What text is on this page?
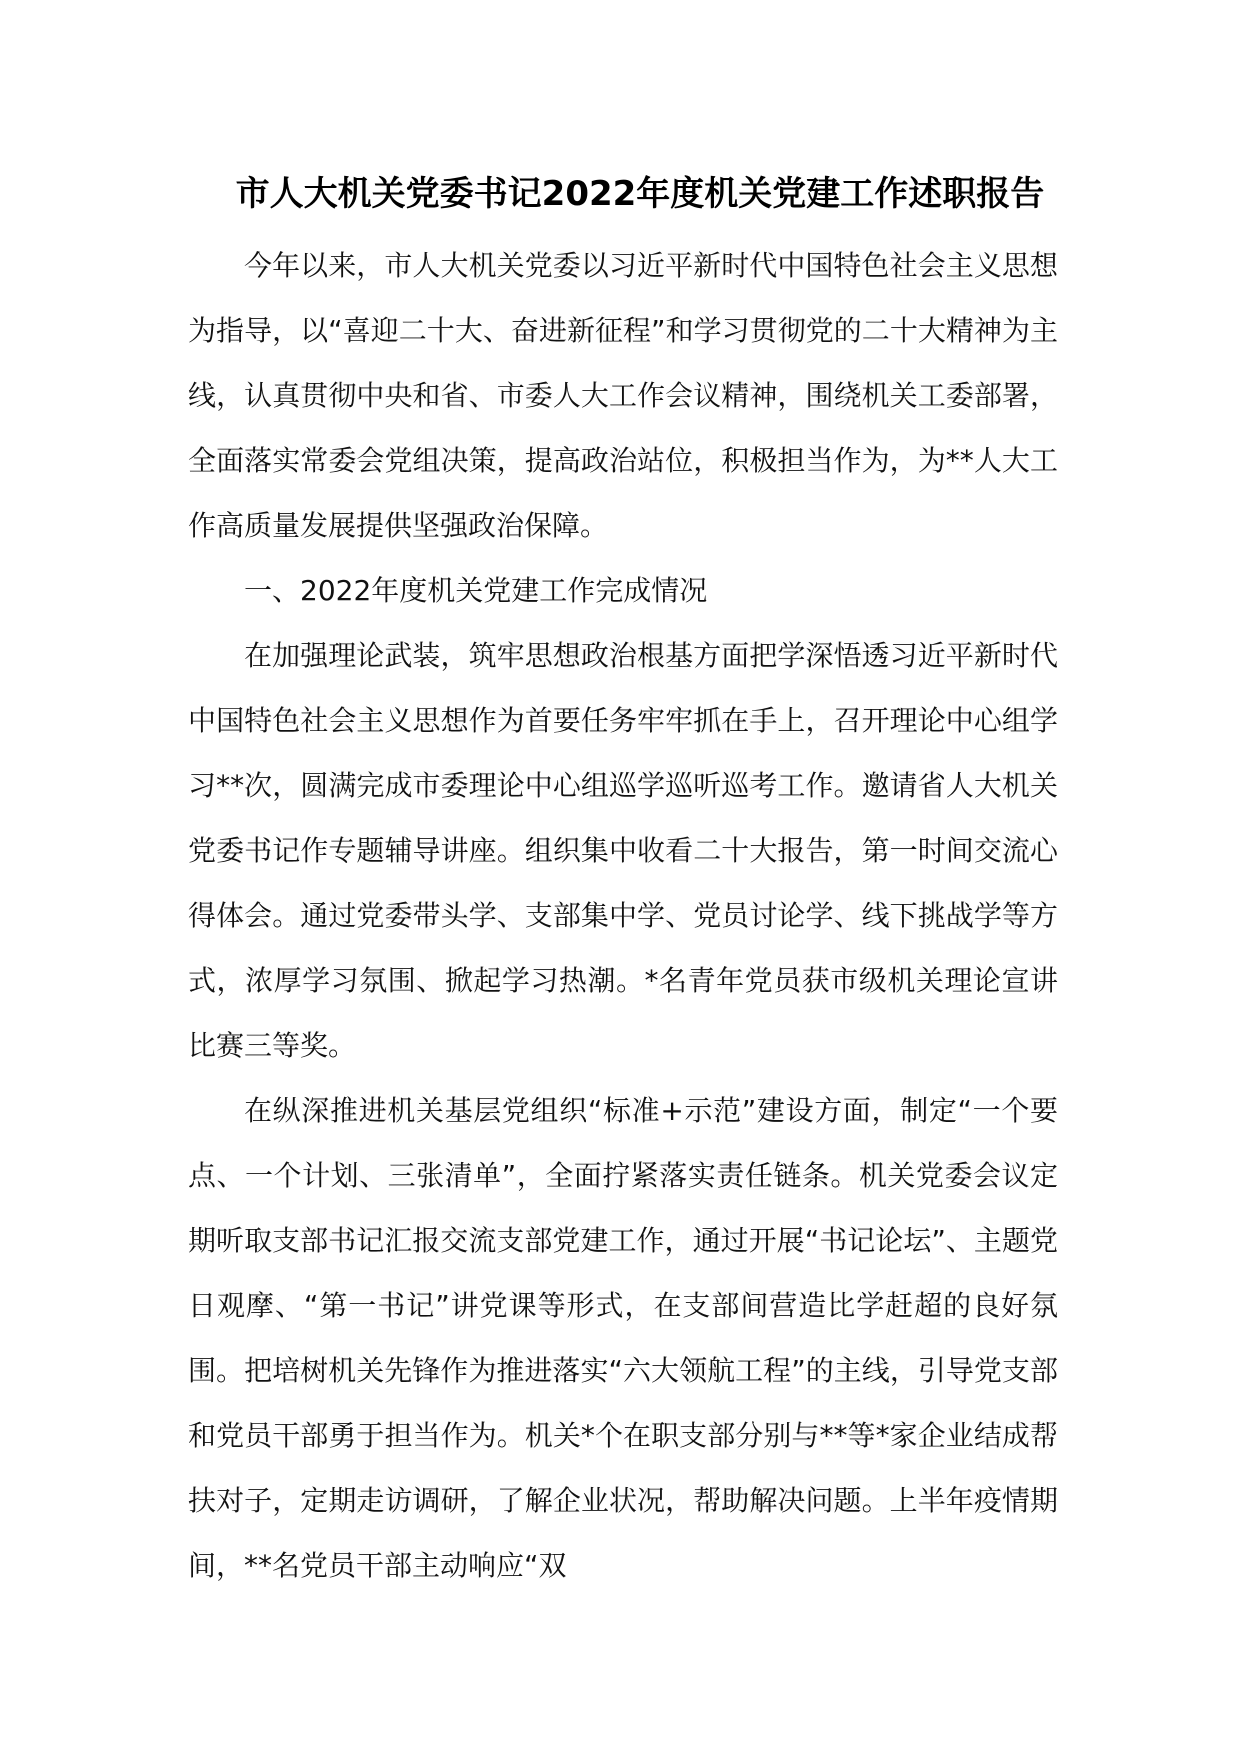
市人大机关党委书记2022年度机关党建工作述职报告

今年以来，市人大机关党委以习近平新时代中国特色社会主义思想为指导，以“喜迎二十大、奋进新征程”和学习贯彻党的二十大精神为主线，认真贯彻中央和省、市委人大工作会议精神，围绕机关工委部署，全面落实常委会党组决策，提高政治站位，积极担当作为，为**人大工作高质量发展提供坚强政治保障。

一、2022年度机关党建工作完成情况

在加强理论武装，筑牢思想政治根基方面把学深悟透习近平新时代中国特色社会主义思想作为首要任务牢牢抓在手上，召开理论中心组学习**次，圆满完成市委理论中心组巡学巡听巡考工作。邀请省人大机关党委书记作专题辅导讲座。组织集中收看二十大报告，第一时间交流心得体会。通过党委带头学、支部集中学、党员讨论学、线下挑战学等方式，浓厚学习氛围、掀起学习热潮。*名青年党员获市级机关理论宣讲比赛三等奖。

在纵深推进机关基层党组织“标准+示范”建设方面，制定“一个要点、一个计划、三张清单”，全面拧紧落实责任链条。机关党委会议定期听取支部书记汇报交流支部党建工作，通过开展“书记论坛”、主题党日观摩、“第一书记”讲党课等形式，在支部间营造比学赶超的良好氛围。把培树机关先锋作为推进落实“六大领航工程”的主线，引导党支部和党员干部勇于担当作为。机关*个在职支部分别与**等*家企业结成帮扶对子，定期走访调研，了解企业状况，帮助解决问题。上半年疫情期间，**名党员干部主动响应“双
